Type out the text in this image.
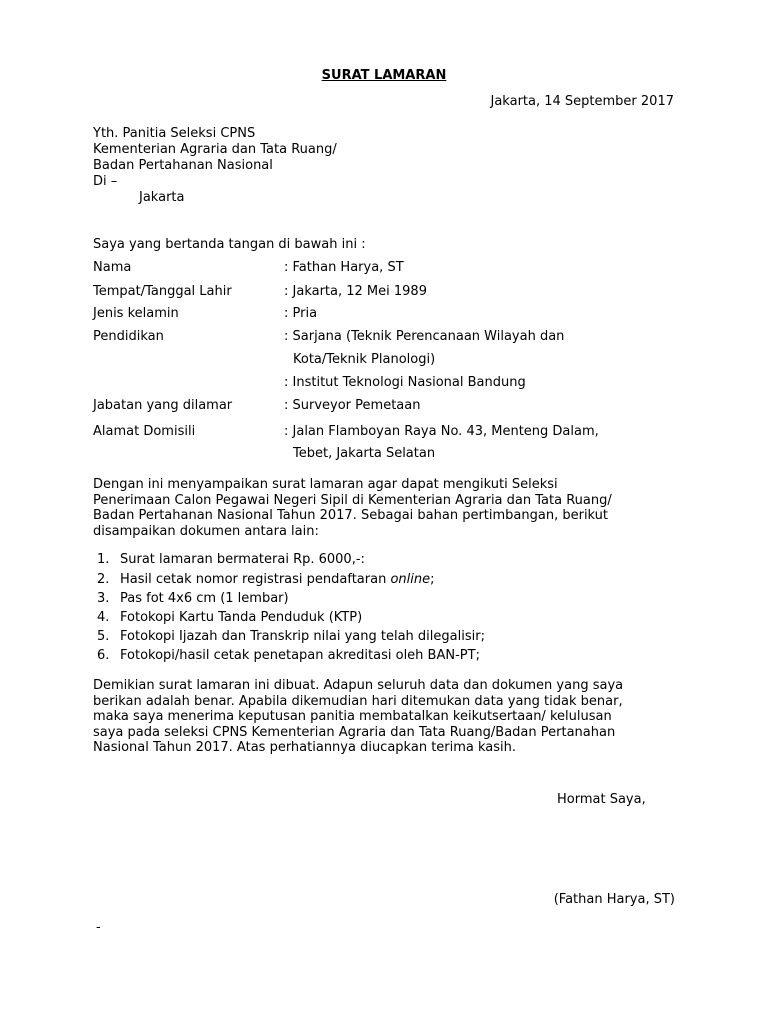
SURAT LAMARAN
Jakarta, 14 September 2017
Yth. Panitia Seleksi CPNS
Kementerian Agraria dan Tata Ruang/
Badan Pertahanan Nasional
Di –
Jakarta
Saya yang bertanda tangan di bawah ini :
Nama	: Fathan Harya, ST
Tempat/Tanggal Lahir	: Jakarta, 12 Mei 1989
Jenis kelamin	: Pria
Pendidikan	: Sarjana (Teknik Perencanaan Wilayah dan
Kota/Teknik Planologi)
: Institut Teknologi Nasional Bandung
Jabatan yang dilamar	: Surveyor Pemetaan
Alamat Domisili	: Jalan Flamboyan Raya No. 43, Menteng Dalam,
Tebet, Jakarta Selatan
Dengan ini menyampaikan surat lamaran agar dapat mengikuti Seleksi
Penerimaan Calon Pegawai Negeri Sipil di Kementerian Agraria dan Tata Ruang/
Badan Pertahanan Nasional Tahun 2017. Sebagai bahan pertimbangan, berikut
disampaikan dokumen antara lain:
1. Surat lamaran bermaterai Rp. 6000,-:
2. Hasil cetak nomor registrasi pendaftaran online;
3. Pas fot 4x6 cm (1 lembar)
4. Fotokopi Kartu Tanda Penduduk (KTP)
5. Fotokopi Ijazah dan Transkrip nilai yang telah dilegalisir;
6. Fotokopi/hasil cetak penetapan akreditasi oleh BAN-PT;
Demikian surat lamaran ini dibuat. Adapun seluruh data dan dokumen yang saya
berikan adalah benar. Apabila dikemudian hari ditemukan data yang tidak benar,
maka saya menerima keputusan panitia membatalkan keikutsertaan/ kelulusan
saya pada seleksi CPNS Kementerian Agraria dan Tata Ruang/Badan Pertanahan
Nasional Tahun 2017. Atas perhatiannya diucapkan terima kasih.
Hormat Saya,
(Fathan Harya, ST)
-
